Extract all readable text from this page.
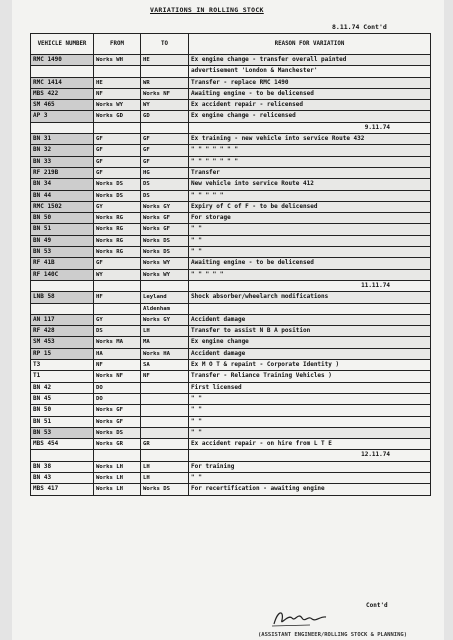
VARIATIONS IN ROLLING STOCK
8.11.74 Cont'd
VEHICLE NUMBER	FROM	TO	REASON FOR VARIATION
RMC 1490	Works WH	HE	Ex engine change - transfer overall painted
			advertisement 'London & Manchester'
RMC 1414	HE	WR	Transfer - replace RMC 1490
MBS 422	NF	Works NF	Awaiting engine - to be delicensed
SM 465	Works WY	WY	Ex accident repair - relicensed
AP 3	Works GD	GD	Ex engine change - relicensed
			9.11.74
BN 31	GF	GF	Ex training - new vehicle into service Route 432
BN 32	GF	GF	" " " " " " "
BN 33	GF	GF	" " " " " " "
RF 219B	GF	HG	Transfer
BN 34	Works DS	DS	New vehicle into service Route 412
BN 44	Works DS	DS	" " " " "
RMC 1502	GY	Works GY	Expiry of C of F - to be delicensed
BN 50	Works RG	Works GF	For storage
BN 51	Works RG	Works GF	" "
BN 49	Works RG	Works DS	" "
BN 53	Works RG	Works DS	" "
RF 41B	GF	Works WY	Awaiting engine - to be delicensed
RF 140C	WY	Works WY	" " " " "
			11.11.74
LNB 58	HF	Leyland	Shock absorber/wheelarch modifications
		Aldenham	
AN 117	GY	Works GY	Accident damage
RF 428	DS	LH	Transfer to assist N B A position
SM 453	Works MA	MA	Ex engine change
RP 15	HA	Works HA	Accident damage
T3	NF	SA	Ex M O T & repaint - Corporate Identity )
T1	Works NF	NF	Transfer - Reliance Training Vehicles )
BN 42	DO		First licensed
BN 45	DO		" "
BN 50	Works GF		" "
BN 51	Works GF		" "
BN 53	Works DS		" "
MBS 454	Works GR	GR	Ex accident repair - on hire from L T E
			12.11.74
BN 38	Works LH	LH	For training
BN 43	Works LH	LH	" "
MBS 417	Works LH	Works DS	For recertification - awaiting engine
Cont'd
(ASSISTANT ENGINEER/ROLLING STOCK & PLANNING)
